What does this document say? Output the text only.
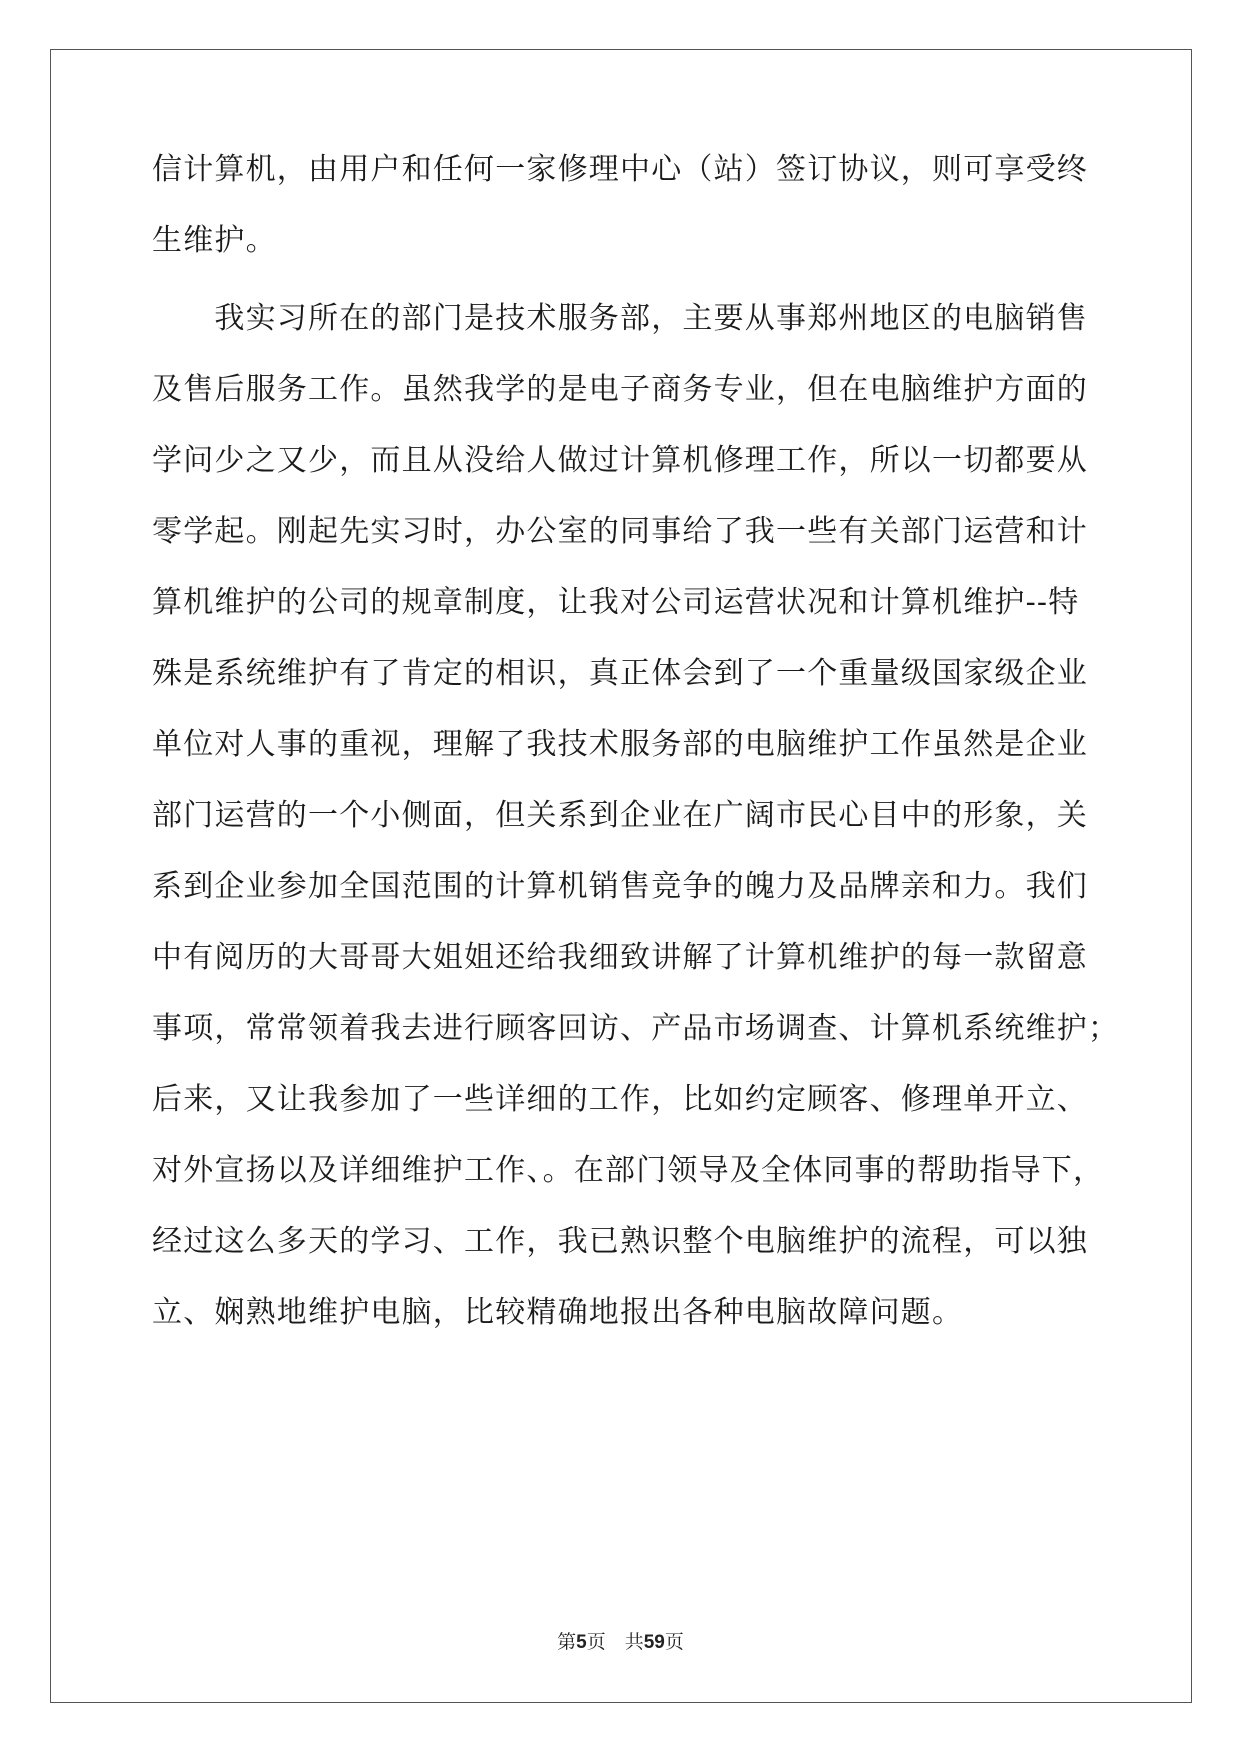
信计算机，由用户和任何一家修理中心（站）签订协议，则可享受终
生维护。
　　我实习所在的部门是技术服务部，主要从事郑州地区的电脑销售
及售后服务工作。虽然我学的是电子商务专业，但在电脑维护方面的
学问少之又少，而且从没给人做过计算机修理工作，所以一切都要从
零学起。刚起先实习时，办公室的同事给了我一些有关部门运营和计
算机维护的公司的规章制度，让我对公司运营状况和计算机维护--特
殊是系统维护有了肯定的相识，真正体会到了一个重量级国家级企业
单位对人事的重视，理解了我技术服务部的电脑维护工作虽然是企业
部门运营的一个小侧面，但关系到企业在广阔市民心目中的形象，关
系到企业参加全国范围的计算机销售竞争的魄力及品牌亲和力。我们
中有阅历的大哥哥大姐姐还给我细致讲解了计算机维护的每一款留意
事项，常常领着我去进行顾客回访、产品市场调查、计算机系统维护；
后来，又让我参加了一些详细的工作，比如约定顾客、修理单开立、
对外宣扬以及详细维护工作、。在部门领导及全体同事的帮助指导下，
经过这么多天的学习、工作，我已熟识整个电脑维护的流程，可以独
立、娴熟地维护电脑，比较精确地报出各种电脑故障问题。
第5页　共59页
